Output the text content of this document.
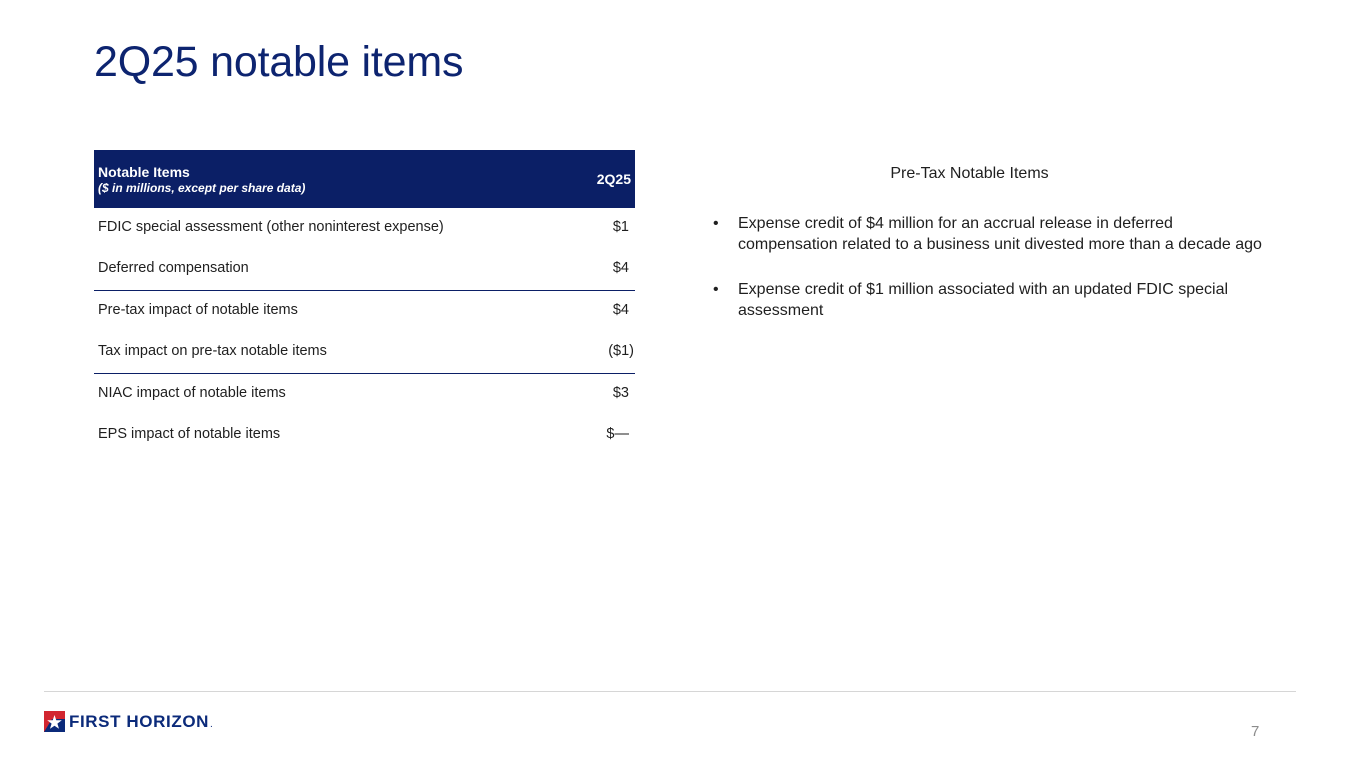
2Q25 notable items
Notable Items
($ in millions, except per share data)
2Q25
FDIC special assessment (other noninterest expense)	$1
Deferred compensation	$4
Pre-tax impact of notable items	$4
Tax impact on pre-tax notable items	($1)
NIAC impact of notable items	$3
EPS impact of notable items	$—
Pre-Tax Notable Items
• Expense credit of $4 million for an accrual release in deferred compensation related to a business unit divested more than a decade ago
• Expense credit of $1 million associated with an updated FDIC special assessment
FIRST HORIZON .	7
